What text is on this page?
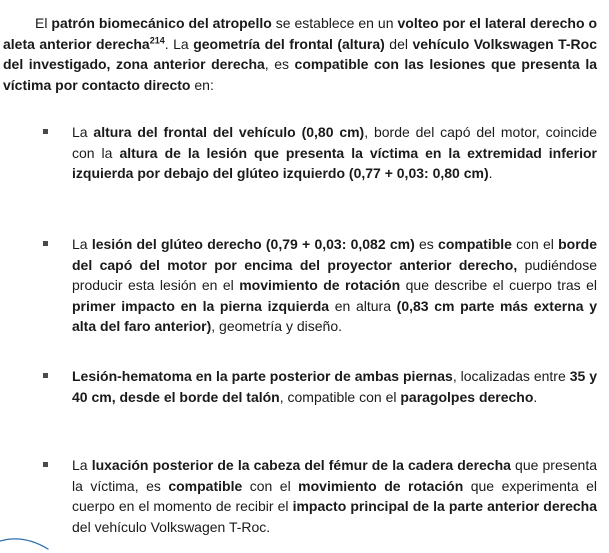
El patrón biomecánico del atropello se establece en un volteo por el lateral derecho o aleta anterior derecha$^{214}$. La geometría del frontal (altura) del vehículo Volkswagen T-Roc del investigado, zona anterior derecha, es compatible con las lesiones que presenta la víctima por contacto directo en:

La altura del frontal del vehículo (0,80 cm), borde del capó del motor, coincide con la altura de la lesión que presenta la víctima en la extremidad inferior izquierda por debajo del glúteo izquierdo (0,77 + 0,03: 0,80 cm).

La lesión del glúteo derecho (0,79 + 0,03: 0,082 cm) es compatible con el borde del capó del motor por encima del proyector anterior derecho, pudiéndose producir esta lesión en el movimiento de rotación que describe el cuerpo tras el primer impacto en la pierna izquierda en altura (0,83 cm parte más externa y alta del faro anterior), geometría y diseño.

Lesión-hematoma en la parte posterior de ambas piernas, localizadas entre 35 y 40 cm, desde el borde del talón, compatible con el paragolpes derecho.

La luxación posterior de la cabeza del fémur de la cadera derecha que presenta la víctima, es compatible con el movimiento de rotación que experimenta el cuerpo en el momento de recibir el impacto principal de la parte anterior derecha del vehículo Volkswagen T-Roc.
